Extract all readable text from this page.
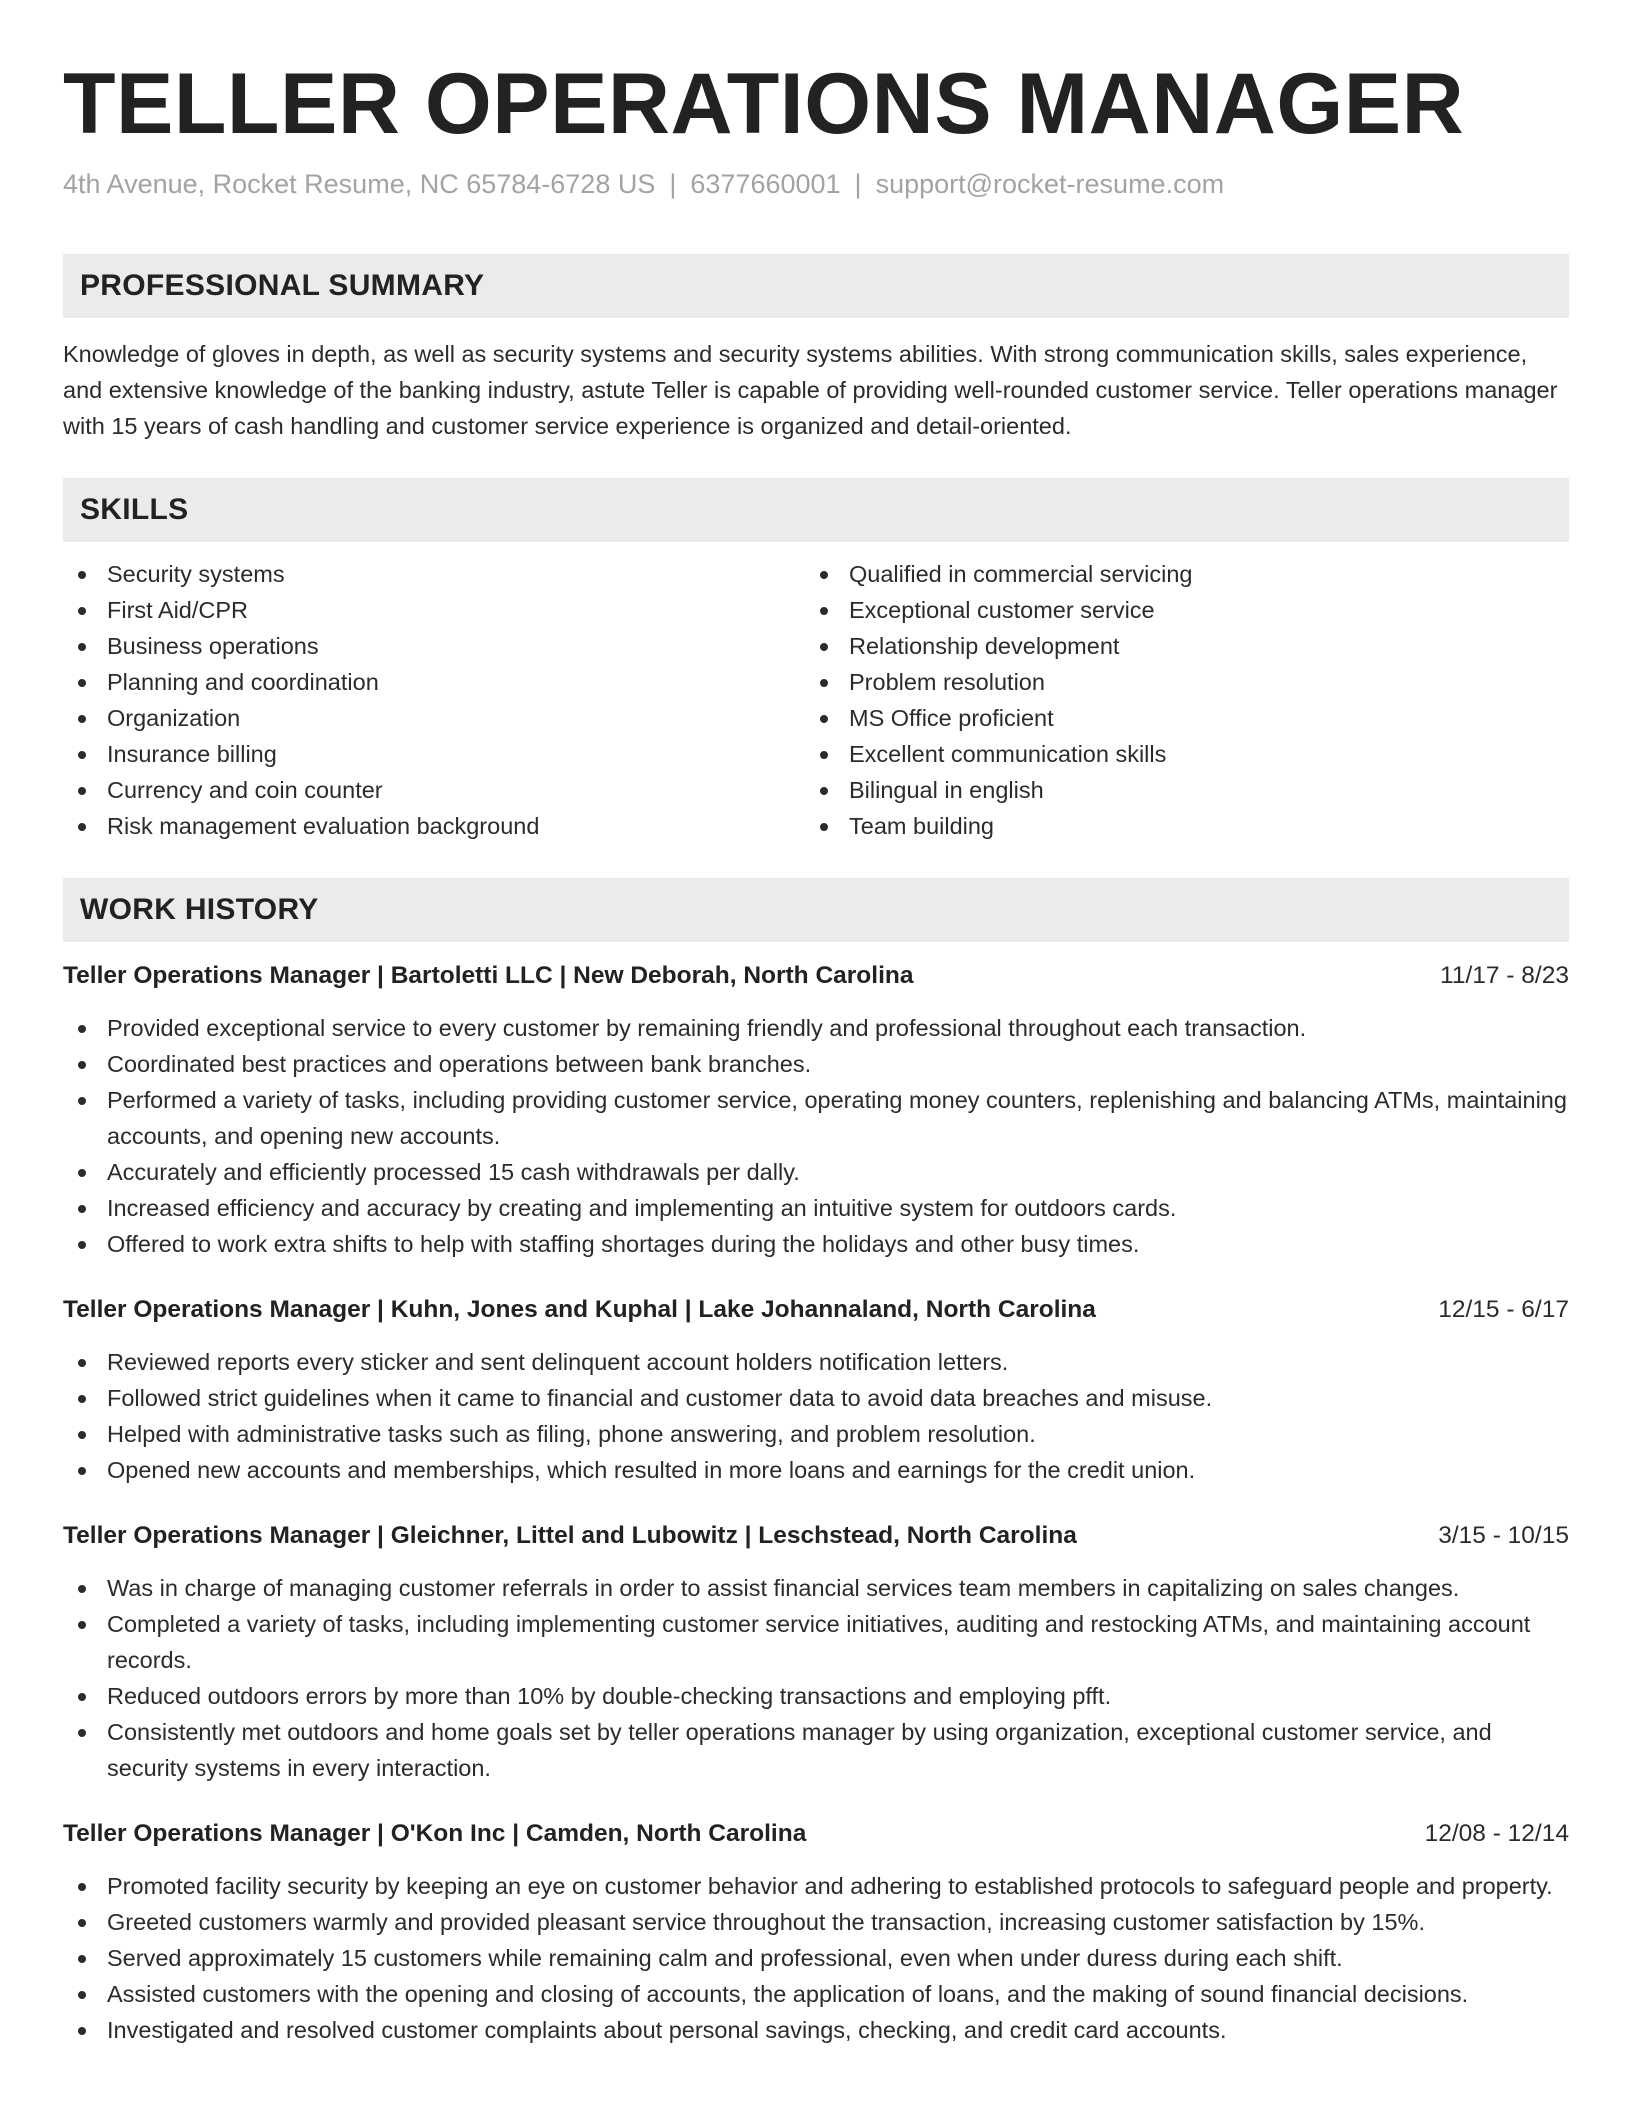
TELLER OPERATIONS MANAGER
4th Avenue, Rocket Resume, NC 65784-6728 US | 6377660001 | support@rocket-resume.com
PROFESSIONAL SUMMARY
Knowledge of gloves in depth, as well as security systems and security systems abilities. With strong communication skills, sales experience, and extensive knowledge of the banking industry, astute Teller is capable of providing well-rounded customer service. Teller operations manager with 15 years of cash handling and customer service experience is organized and detail-oriented.
SKILLS
Security systems
First Aid/CPR
Business operations
Planning and coordination
Organization
Insurance billing
Currency and coin counter
Risk management evaluation background
Qualified in commercial servicing
Exceptional customer service
Relationship development
Problem resolution
MS Office proficient
Excellent communication skills
Bilingual in english
Team building
WORK HISTORY
Teller Operations Manager | Bartoletti LLC | New Deborah, North Carolina	11/17 - 8/23
Provided exceptional service to every customer by remaining friendly and professional throughout each transaction.
Coordinated best practices and operations between bank branches.
Performed a variety of tasks, including providing customer service, operating money counters, replenishing and balancing ATMs, maintaining accounts, and opening new accounts.
Accurately and efficiently processed 15 cash withdrawals per dally.
Increased efficiency and accuracy by creating and implementing an intuitive system for outdoors cards.
Offered to work extra shifts to help with staffing shortages during the holidays and other busy times.
Teller Operations Manager | Kuhn, Jones and Kuphal | Lake Johannaland, North Carolina	12/15 - 6/17
Reviewed reports every sticker and sent delinquent account holders notification letters.
Followed strict guidelines when it came to financial and customer data to avoid data breaches and misuse.
Helped with administrative tasks such as filing, phone answering, and problem resolution.
Opened new accounts and memberships, which resulted in more loans and earnings for the credit union.
Teller Operations Manager | Gleichner, Littel and Lubowitz | Leschstead, North Carolina	3/15 - 10/15
Was in charge of managing customer referrals in order to assist financial services team members in capitalizing on sales changes.
Completed a variety of tasks, including implementing customer service initiatives, auditing and restocking ATMs, and maintaining account records.
Reduced outdoors errors by more than 10% by double-checking transactions and employing pfft.
Consistently met outdoors and home goals set by teller operations manager by using organization, exceptional customer service, and security systems in every interaction.
Teller Operations Manager | O'Kon Inc | Camden, North Carolina	12/08 - 12/14
Promoted facility security by keeping an eye on customer behavior and adhering to established protocols to safeguard people and property.
Greeted customers warmly and provided pleasant service throughout the transaction, increasing customer satisfaction by 15%.
Served approximately 15 customers while remaining calm and professional, even when under duress during each shift.
Assisted customers with the opening and closing of accounts, the application of loans, and the making of sound financial decisions.
Investigated and resolved customer complaints about personal savings, checking, and credit card accounts.
